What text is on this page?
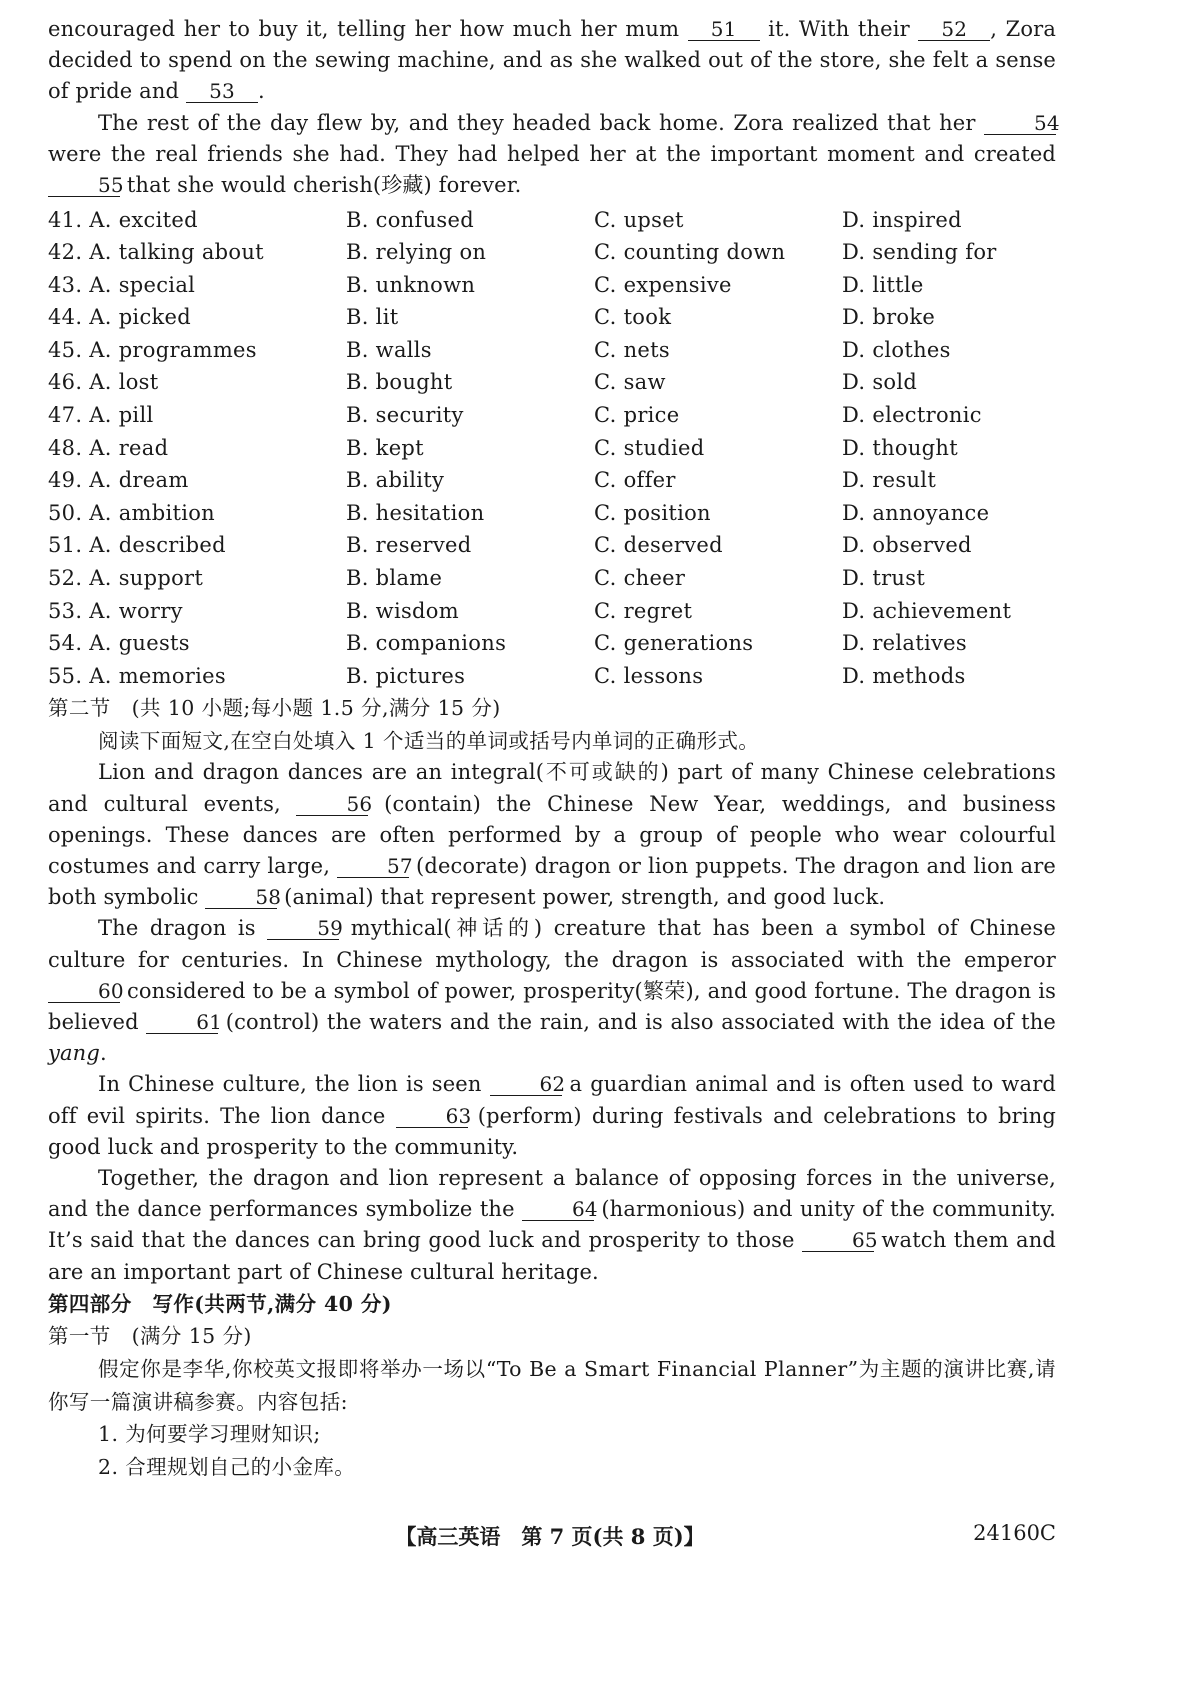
encouraged her to buy it, telling her how much her mum 51 it. With their 52 , Zora decided to spend on the sewing machine, and as she walked out of the store, she felt a sense of pride and 53 .

The rest of the day flew by, and they headed back home. Zora realized that her	54 were the real friends she had. They had helped her at the important moment and created 55 that she would cherish(珍藏) forever.

41. A. excited	B. confused	C. upset	D. inspired
42. A. talking about	B. relying on	C. counting down	D. sending for
43. A. special	B. unknown	C. expensive	D. little
44. A. picked	B. lit	C. took	D. broke
45. A. programmes	B. walls	C. nets	D. clothes
46. A. lost	B. bought	C. saw	D. sold
47. A. pill	B. security	C. price	D. electronic
48. A. read	B. kept	C. studied	D. thought
49. A. dream	B. ability	C. offer	D. result
50. A. ambition	B. hesitation	C. position	D. annoyance
51. A. described	B. reserved	C. deserved	D. observed
52. A. support	B. blame	C. cheer	D. trust
53. A. worry	B. wisdom	C. regret	D. achievement
54. A. guests	B. companions	C. generations	D. relatives
55. A. memories	B. pictures	C. lessons	D. methods

第二节　(共 10 小题;每小题 1.5 分,满分 15 分)

阅读下面短文,在空白处填入 1 个适当的单词或括号内单词的正确形式。

Lion and dragon dances are an integral(不可或缺的) part of many Chinese celebrations and cultural events,	56 (contain) the Chinese New Year, weddings, and business openings. These dances are often performed by a group of people who wear colourful costumes and carry large,	57 (decorate) dragon or lion puppets. The dragon and lion are both symbolic	58 (animal) that represent power, strength, and good luck.

The dragon is	59 mythical(神话的) creature that has been a symbol of Chinese culture for centuries. In Chinese mythology, the dragon is associated with the emperor 60 considered to be a symbol of power, prosperity(繁荣), and good fortune. The dragon is believed	61 (control) the waters and the rain, and is also associated with the idea of the yang.

In Chinese culture, the lion is seen	62 a guardian animal and is often used to ward off evil spirits. The lion dance	63 (perform) during festivals and celebrations to bring good luck and prosperity to the community.

Together, the dragon and lion represent a balance of opposing forces in the universe, and the dance performances symbolize the	64 (harmonious) and unity of the community. It’s said that the dances can bring good luck and prosperity to those	65 watch them and are an important part of Chinese cultural heritage.

第四部分　写作(共两节,满分 40 分)

第一节　(满分 15 分)

假定你是李华,你校英文报即将举办一场以“To Be a Smart Financial Planner”为主题的演讲比赛,请你写一篇演讲稿参赛。内容包括:

1. 为何要学习理财知识;

2. 合理规划自己的小金库。

【高三英语　第 7 页(共 8 页)】	24160C
